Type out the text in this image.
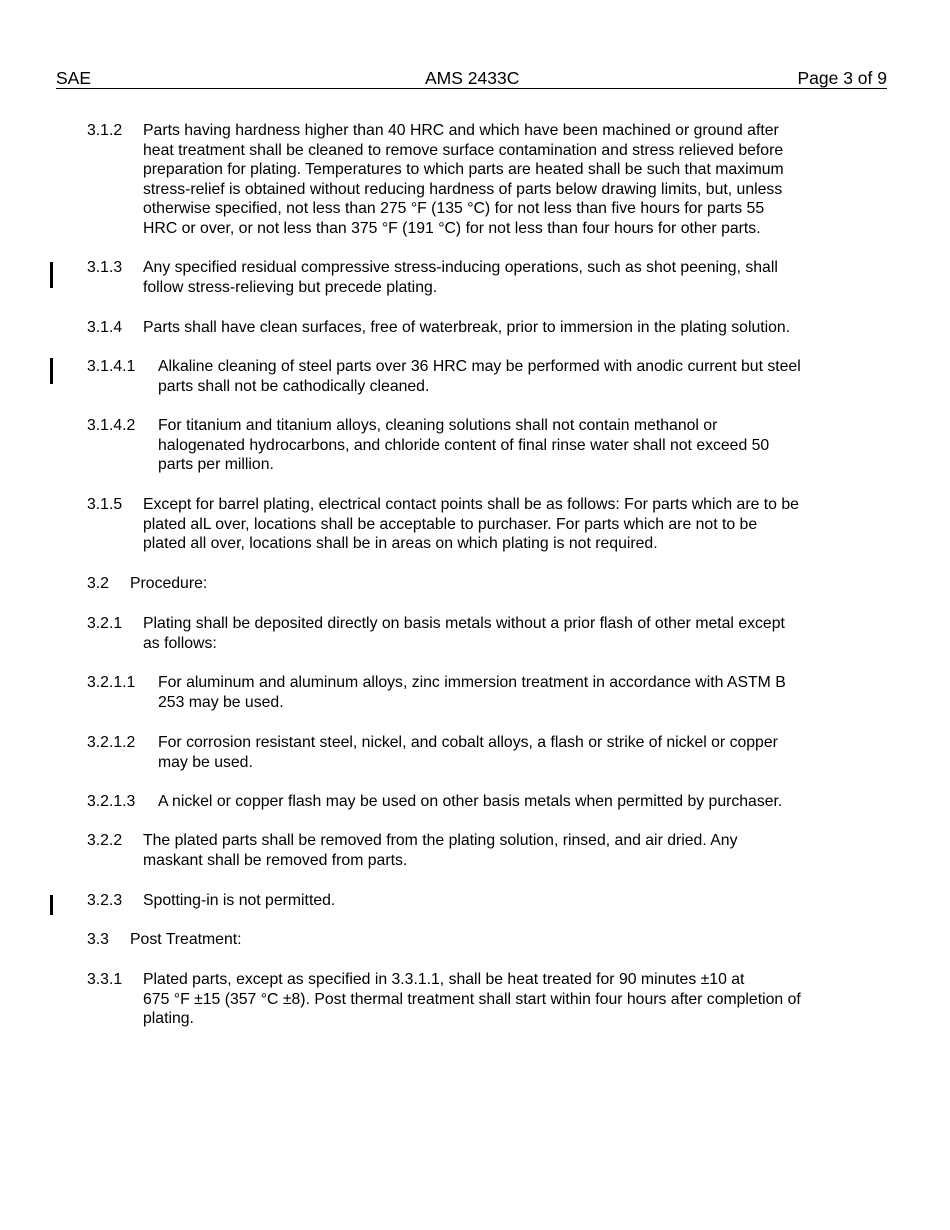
SAE	AMS 2433C	Page 3 of 9
3.1.2	Parts having hardness higher than 40 HRC and which have been machined or ground after
heat treatment shall be cleaned to remove surface contamination and stress relieved before
preparation for plating. Temperatures to which parts are heated shall be such that maximum
stress-relief is obtained without reducing hardness of parts below drawing limits, but, unless
otherwise specified, not less than 275 °F (135 °C) for not less than five hours for parts 55
HRC or over, or not less than 375 °F (191 °C) for not less than four hours for other parts.
3.1.3	Any specified residual compressive stress-inducing operations, such as shot peening, shall
follow stress-relieving but precede plating.
3.1.4	Parts shall have clean surfaces, free of waterbreak, prior to immersion in the plating solution.
3.1.4.1	Alkaline cleaning of steel parts over 36 HRC may be performed with anodic current but steel
parts shall not be cathodically cleaned.
3.1.4.2	For titanium and titanium alloys, cleaning solutions shall not contain methanol or
halogenated hydrocarbons, and chloride content of final rinse water shall not exceed 50
parts per million.
3.1.5	Except for barrel plating, electrical contact points shall be as follows: For parts which are to be
plated alL over, locations shall be acceptable to purchaser. For parts which are not to be
plated all over, locations shall be in areas on which plating is not required.
3.2	Procedure:
3.2.1	Plating shall be deposited directly on basis metals without a prior flash of other metal except
as follows:
3.2.1.1	For aluminum and aluminum alloys, zinc immersion treatment in accordance with ASTM B
253 may be used.
3.2.1.2	For corrosion resistant steel, nickel, and cobalt alloys, a flash or strike of nickel or copper
may be used.
3.2.1.3	A nickel or copper flash may be used on other basis metals when permitted by purchaser.
3.2.2	The plated parts shall be removed from the plating solution, rinsed, and air dried. Any
maskant shall be removed from parts.
3.2.3	Spotting-in is not permitted.
3.3	Post Treatment:
3.3.1	Plated parts, except as specified in 3.3.1.1, shall be heat treated for 90 minutes ±10 at
675 °F ±15 (357 °C ±8). Post thermal treatment shall start within four hours after completion of
plating.
